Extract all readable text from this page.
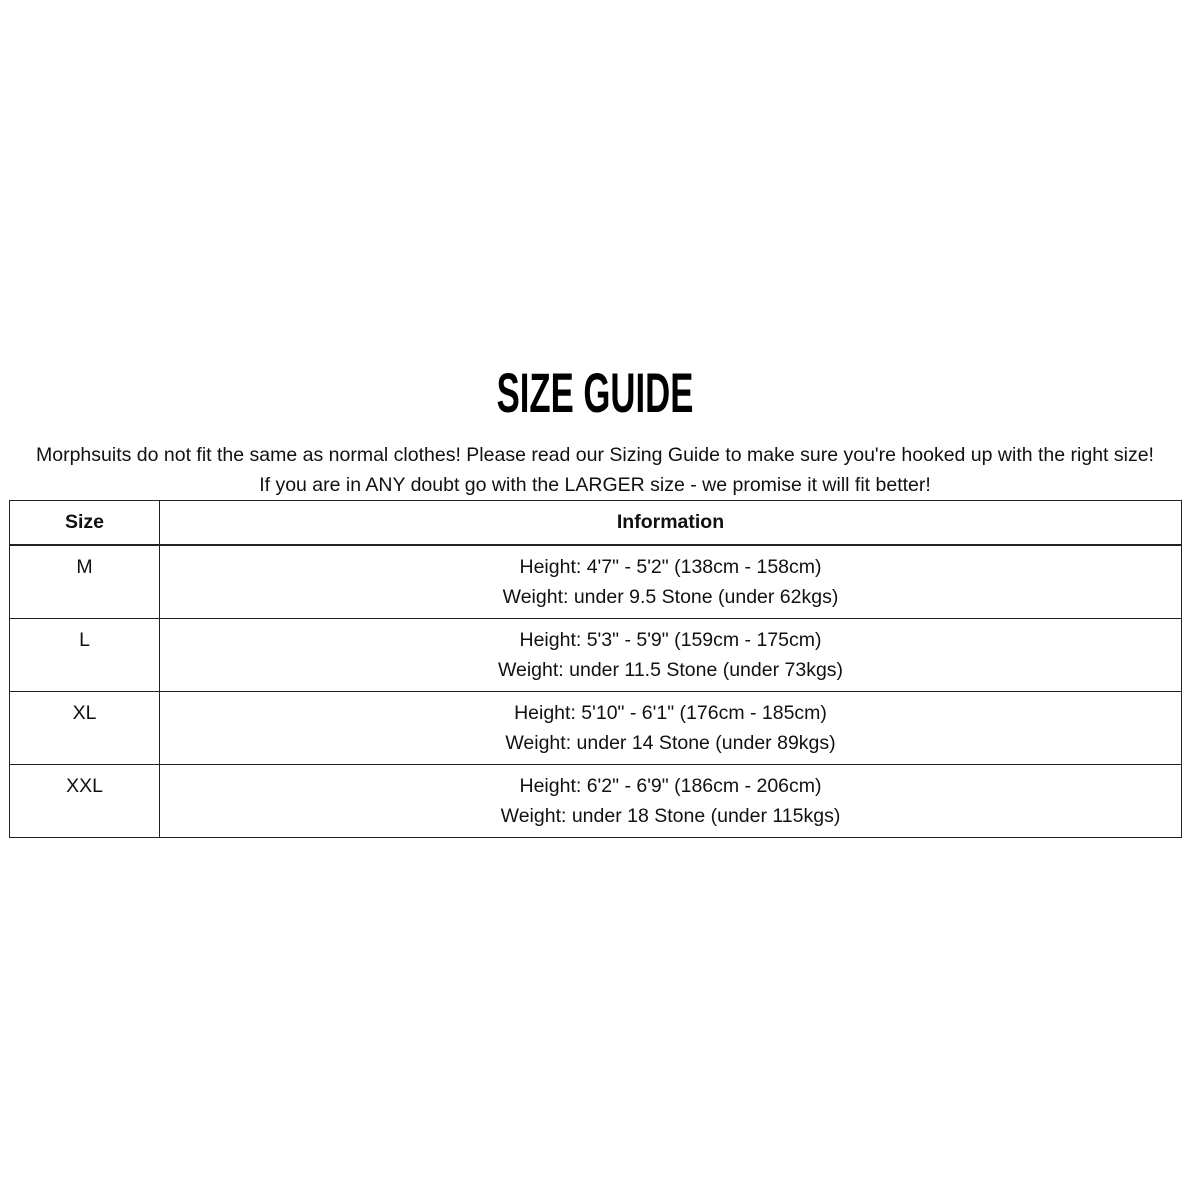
SIZE GUIDE
Morphsuits do not fit the same as normal clothes! Please read our Sizing Guide to make sure you're hooked up with the right size!
If you are in ANY doubt go with the LARGER size - we promise it will fit better!
Size	Information
M	Height: 4'7" - 5'2" (138cm - 158cm)
Weight: under 9.5 Stone (under 62kgs)

L	Height: 5'3" - 5'9" (159cm - 175cm)
Weight: under 11.5 Stone (under 73kgs)

XL	Height: 5'10" - 6'1" (176cm - 185cm)
Weight: under 14 Stone (under 89kgs)

XXL	Height: 6'2" - 6'9" (186cm - 206cm)
Weight: under 18 Stone (under 115kgs)
